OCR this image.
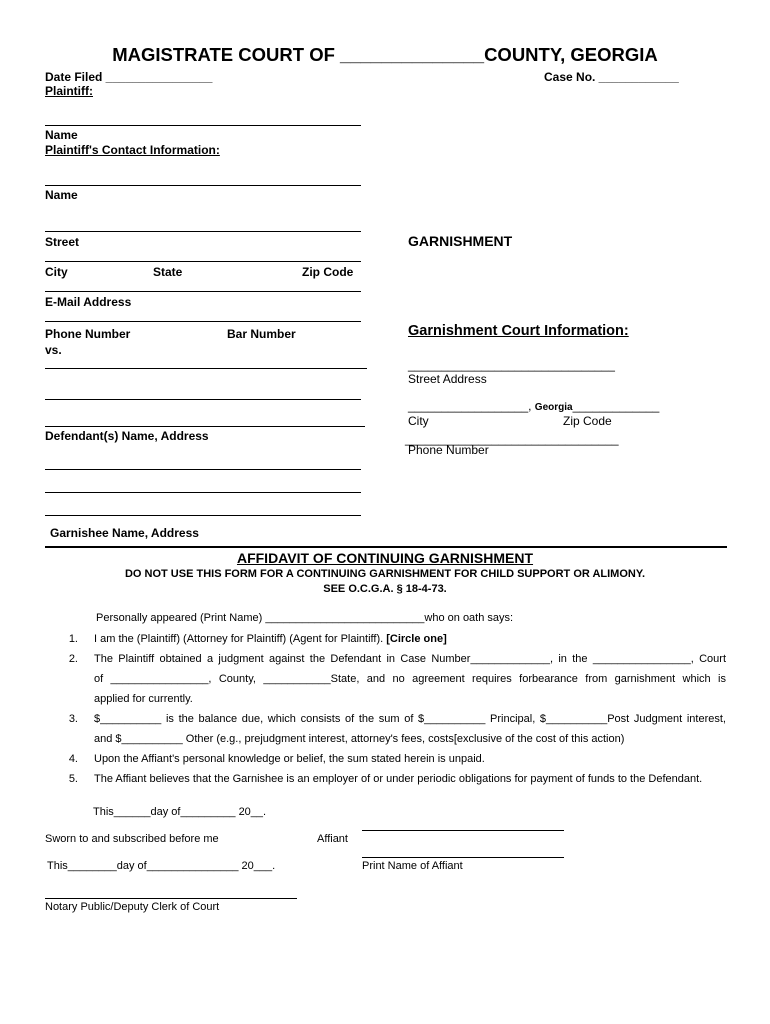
MAGISTRATE COURT OF ______________COUNTY, GEORGIA
Date Filed ________________	Case No. ____________
Plaintiff:
Name
Plaintiff's Contact Information:
Name
Street
City	State	Zip Code
E-Mail Address
Phone Number	Bar Number
vs.
Defendant(s) Name, Address
Garnishee Name, Address
GARNISHMENT
Garnishment Court Information:
_______________________________
Street Address
__________________, Georgia_____________
City	Zip Code
________________________________
Phone Number
AFFIDAVIT OF CONTINUING GARNISHMENT
DO NOT USE THIS FORM FOR A CONTINUING GARNISHMENT FOR CHILD SUPPORT OR ALIMONY.
SEE O.C.G.A. § 18-4-73.
Personally appeared (Print Name) __________________________who on oath says:
1. I am the (Plaintiff) (Attorney for Plaintiff) (Agent for Plaintiff). [Circle one]
2. The Plaintiff obtained a judgment against the Defendant in Case Number_____________, in the ________________, Court
of ________________, County, ___________State, and no agreement requires forbearance from garnishment which is
applied for currently.
3. $__________ is the balance due, which consists of the sum of $__________ Principal, $__________Post Judgment interest,
and $__________ Other (e.g., prejudgment interest, attorney's fees, costs[exclusive of the cost of this action)
4. Upon the Affiant's personal knowledge or belief, the sum stated herein is unpaid.
5. The Affiant believes that the Garnishee is an employer of or under periodic obligations for payment of funds to the Defendant.
This______day of_________ 20__.
Sworn to and subscribed before me	Affiant
This________day of_______________ 20___.	Print Name of Affiant
Notary Public/Deputy Clerk of Court
